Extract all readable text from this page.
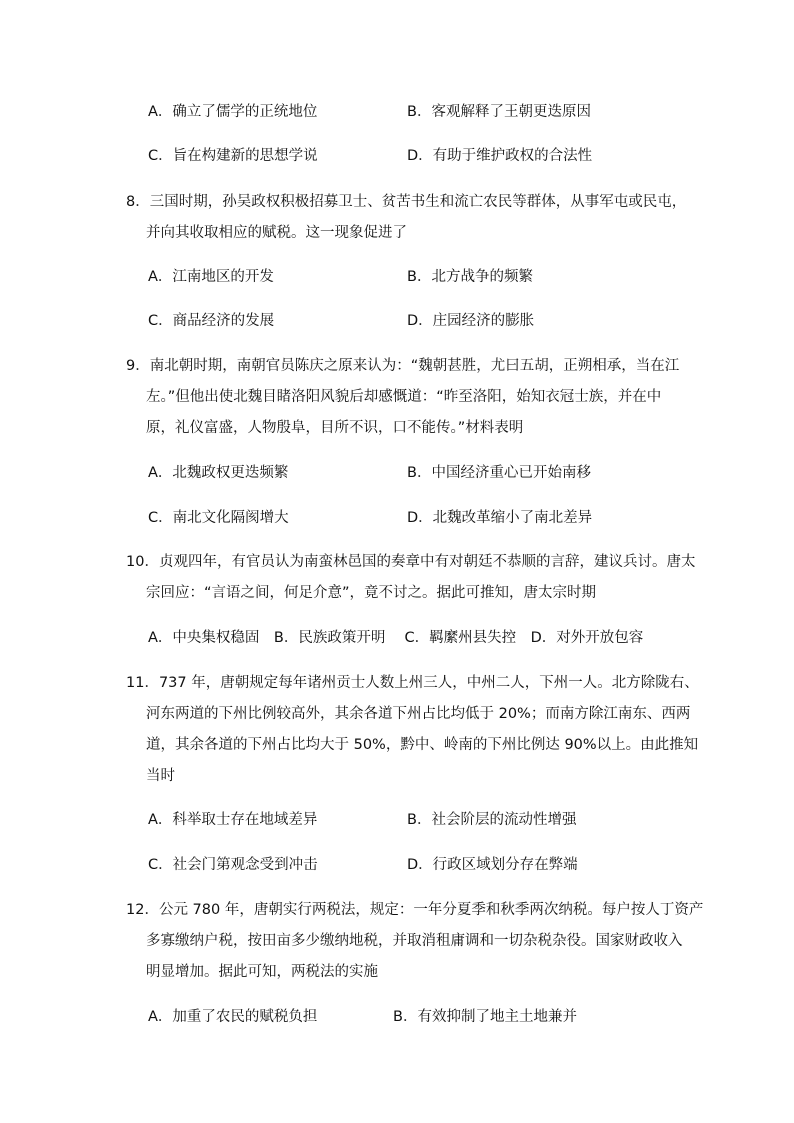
A．确立了儒学的正统地位	B．客观解释了王朝更迭原因
C．旨在构建新的思想学说	D．有助于维护政权的合法性
8．三国时期，孙吴政权积极招募卫士、贫苦书生和流亡农民等群体，从事军屯或民屯，
并向其收取相应的赋税。这一现象促进了
A．江南地区的开发	B．北方战争的频繁
C．商品经济的发展	D．庄园经济的膨胀
9．南北朝时期，南朝官员陈庆之原来认为：“魏朝甚胜，尤曰五胡，正朔相承，当在江
左。”但他出使北魏目睹洛阳风貌后却感慨道：“昨至洛阳，始知衣冠士族，并在中
原，礼仪富盛，人物殷阜，目所不识，口不能传。”材料表明
A．北魏政权更迭频繁	B．中国经济重心已开始南移
C．南北文化隔阂增大	D．北魏改革缩小了南北差异
10．贞观四年，有官员认为南蛮林邑国的奏章中有对朝廷不恭顺的言辞，建议兵讨。唐太
宗回应：“言语之间，何足介意”，竟不讨之。据此可推知，唐太宗时期
A．中央集权稳固　B．民族政策开明　 C．羁縻州县失控　D．对外开放包容
11．737 年，唐朝规定每年诸州贡士人数上州三人，中州二人，下州一人。北方除陇右、
河东两道的下州比例较高外，其余各道下州占比均低于 20%；而南方除江南东、西两
道，其余各道的下州占比均大于 50%，黔中、岭南的下州比例达 90%以上。由此推知
当时
A．科举取士存在地域差异	B．社会阶层的流动性增强
C．社会门第观念受到冲击	D．行政区域划分存在弊端
12．公元 780 年，唐朝实行两税法，规定：一年分夏季和秋季两次纳税。每户按人丁资产
多寡缴纳户税，按田亩多少缴纳地税，并取消租庸调和一切杂税杂役。国家财政收入
明显增加。据此可知，两税法的实施
A．加重了农民的赋税负担	B．有效抑制了地主土地兼并
